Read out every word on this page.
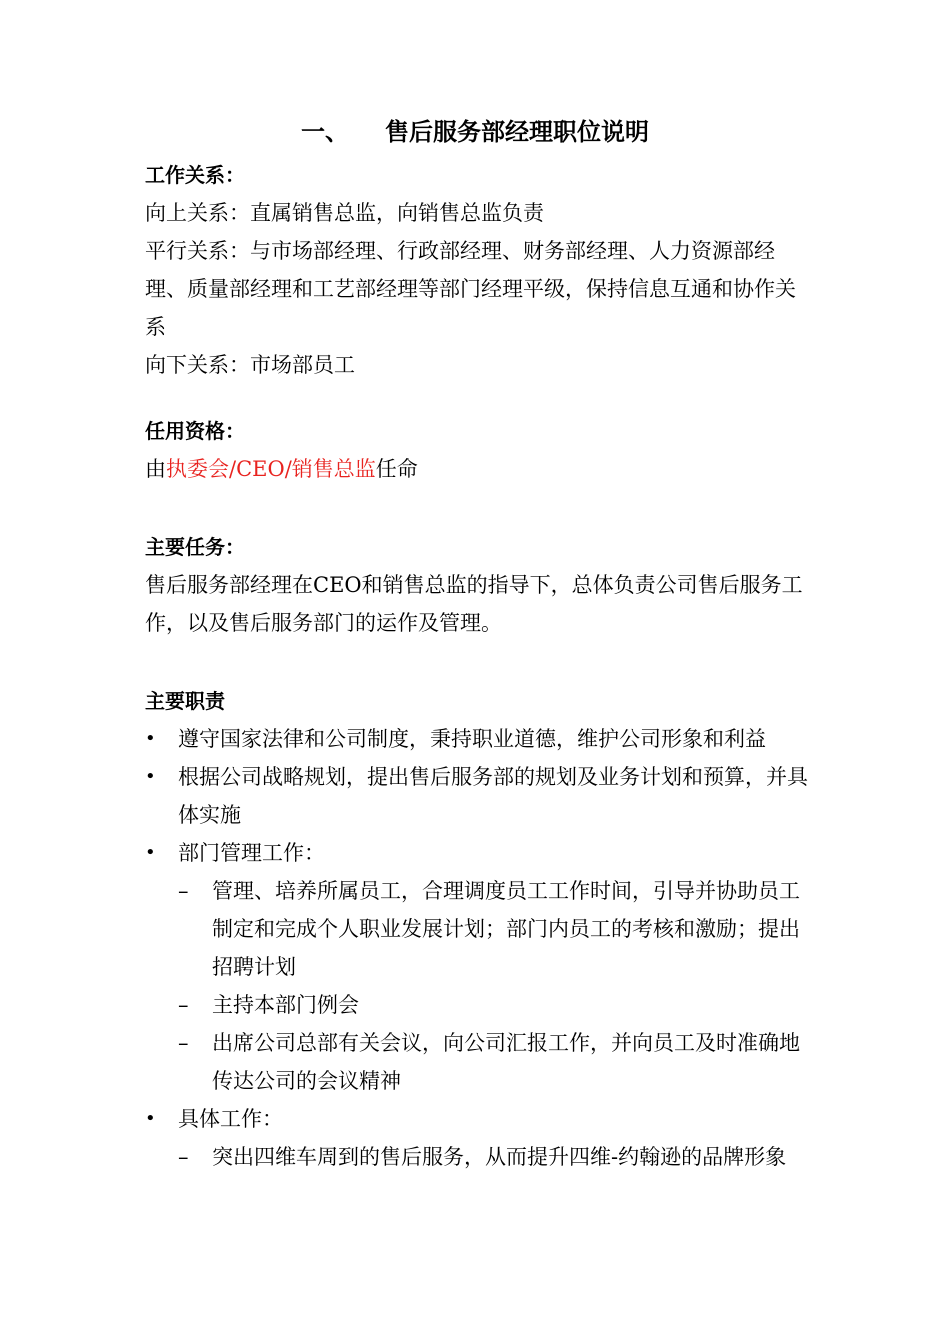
一、 售后服务部经理职位说明

工作关系：

向上关系：直属销售总监，向销售总监负责

平行关系：与市场部经理、行政部经理、财务部经理、人力资源部经理、质量部经理和工艺部经理等部门经理平级，保持信息互通和协作关系

向下关系：市场部员工

任用资格：

由执委会/CEO/销售总监任命

主要任务：

售后服务部经理在CEO和销售总监的指导下，总体负责公司售后服务工作，以及售后服务部门的运作及管理。

主要职责

• 遵守国家法律和公司制度，秉持职业道德，维护公司形象和利益
• 根据公司战略规划，提出售后服务部的规划及业务计划和预算，并具体实施
• 部门管理工作：
– 管理、培养所属员工，合理调度员工工作时间，引导并协助员工制定和完成个人职业发展计划；部门内员工的考核和激励；提出招聘计划
– 主持本部门例会
– 出席公司总部有关会议，向公司汇报工作，并向员工及时准确地传达公司的会议精神
• 具体工作：
– 突出四维车周到的售后服务，从而提升四维-约翰逊的品牌形象
